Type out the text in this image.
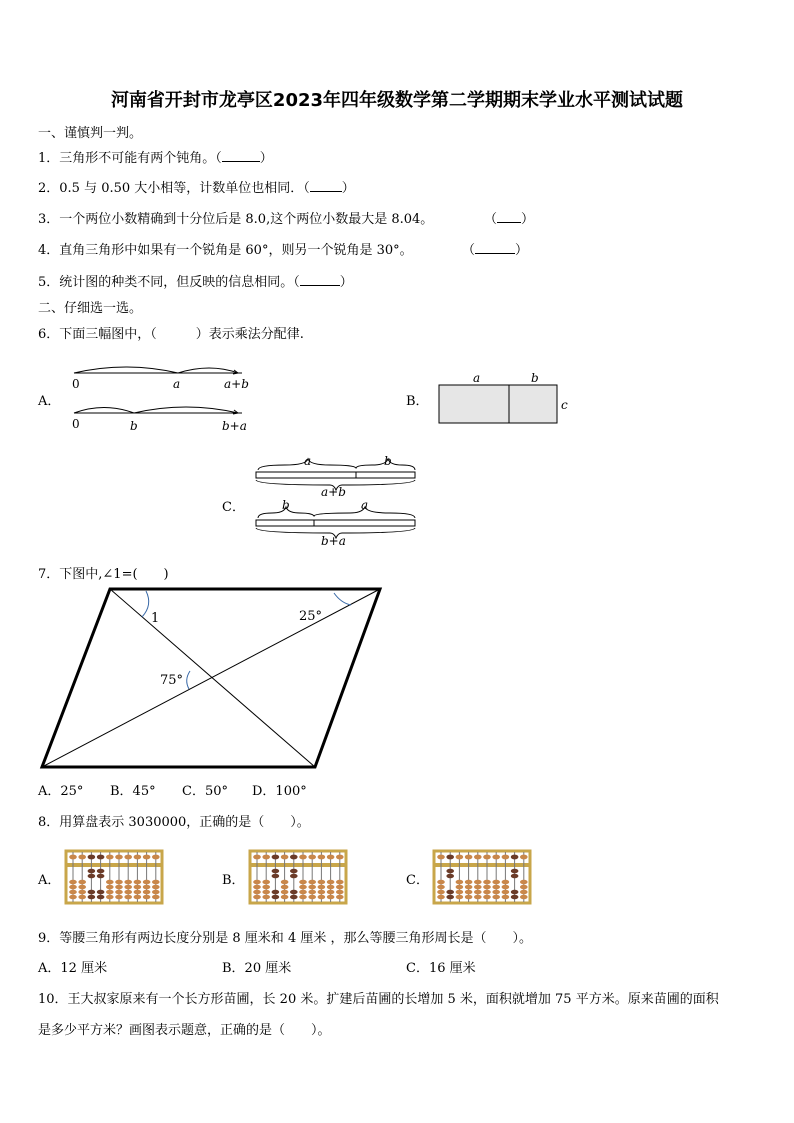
河南省开封市龙亭区2023年四年级数学第二学期期末学业水平测试试题
一、谨慎判一判。
1．三角形不可能有两个钝角。（	）
2．0.5 与 0.50 大小相等，计数单位也相同．（ ）
3．一个两位小数精确到十分位后是 8.0,这个两位小数最大是 8.04。	（ ）
4．直角三角形中如果有一个锐角是 60°，则另一个锐角是 30°。	（	）
5．统计图的种类不同，但反映的信息相同。（	）
二、仔细选一选。
6．下面三幅图中，（　　　）表示乘法分配律.
A．
0	a	a+b
0	b	b+a
B．
a	b
c
C．
a	b
a+b
b	a
b+a
7．下图中,∠1=(　　)
1	25°
75°
A．25° B．45° C．50° D．100°
8．用算盘表示 3030000，正确的是（　　）。
A．	B．	C．
9．等腰三角形有两边长度分别是 8 厘米和 4 厘米 ，那么等腰三角形周长是（　　）。
A．12 厘米	B．20 厘米	C．16 厘米
10．王大叔家原来有一个长方形苗圃，长 20 米。扩建后苗圃的长增加 5 米，面积就增加 75 平方米。原来苗圃的面积
是多少平方米？画图表示题意，正确的是（　　）。
